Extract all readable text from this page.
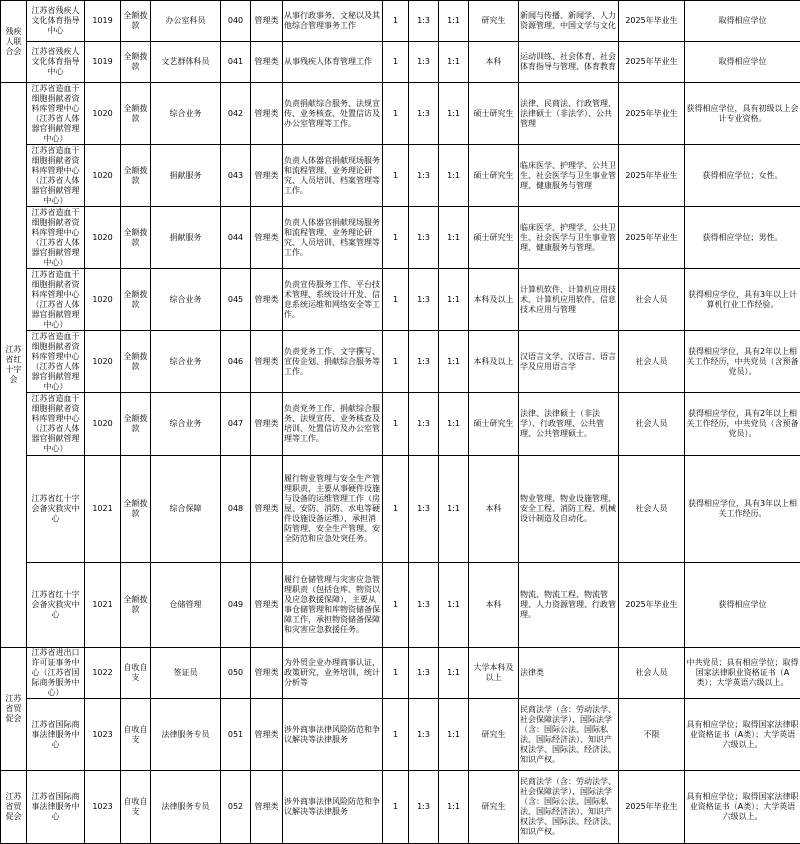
残疾人联合会	江苏省残疾人文化体育指导中心	1019	全额拨款	办公室科员	040	管理类	从事行政事务、文秘以及其他综合管理事务工作	1	1:3	1:1	研究生	新闻与传播、新闻学、人力资源管理、中国文学与文化	2025年毕业生	取得相应学位	
	江苏省残疾人文化体育指导中心	1019	全额拨款	文艺群体科员	041	管理类	从事残疾人体育管理工作	1	1:3	1:1	本科	运动训练、社会体育、社会体育指导与管理、体育教育	2025年毕业生	取得相应学位	
江苏省红十字会	江苏省造血干细胞捐献者资料库管理中心（江苏省人体器官捐献管理中心）	1020	全额拨款	综合业务	042	管理类	负责捐献综合服务、法规宣传、业务核查、处置信访及办公室管理等工作。	1	1:3	1:1	硕士研究生	法律、民商法、行政管理、法律硕士（非法学）、公共管理	2025年毕业生	获得相应学位，具有初级以上会计专业资格。	
	江苏省造血干细胞捐献者资料库管理中心（江苏省人体器官捐献管理中心）	1020	全额拨款	捐献服务	043	管理类	负责人体器官捐献现场服务和流程管理、业务理论研究、人员培训、档案管理等工作。	1	1:3	1:1	硕士研究生	临床医学、护理学、公共卫生、社会医学与卫生事业管理、健康服务与管理	2025年毕业生	获得相应学位；女性。	
	江苏省造血干细胞捐献者资料库管理中心（江苏省人体器官捐献管理中心）	1020	全额拨款	捐献服务	044	管理类	负责人体器官捐献现场服务和流程管理、业务理论研究、人员培训、档案管理等工作。	1	1:3	1:1	硕士研究生	临床医学、护理学、公共卫生、社会医学与卫生事业管理、健康服务与管理。	2025年毕业生	获得相应学位；男性。	
	江苏省造血干细胞捐献者资料库管理中心（江苏省人体器官捐献管理中心）	1020	全额拨款	综合业务	045	管理类	负责宣传服务工作、平台技术管理、系统设计开发、信息系统运维和网络安全等工作。	1	1:3	1:1	本科及以上	计算机软件、计算机应用技术、计算机应用软件、信息技术应用与管理	社会人员	获得相应学位，具有3年以上计算机行业工作经验。	
	江苏省造血干细胞捐献者资料库管理中心（江苏省人体器官捐献管理中心）	1020	全额拨款	综合业务	046	管理类	负责党务工作、文字撰写、宣传企划、捐献综合服务等工作。	1	1:3	1:1	本科及以上	汉语言文学、汉语言、语言学及应用语言学	社会人员	获得相应学位，具有2年以上相关工作经历，中共党员（含预备党员）。	
	江苏省造血干细胞捐献者资料库管理中心（江苏省人体器官捐献管理中心）	1020	全额拨款	综合业务	047	管理类	负责党务工作、捐献综合服务、法规宣传、业务核查及培训、处置信访及办公室管理等工作。	1	1:3	1:1	硕士研究生	法律、法律硕士（非法学）、行政管理、公共管理、公共管理硕士。	社会人员	获得相应学位，具有2年以上相关工作经历，中共党员（含预备党员）。	
	江苏省红十字会备灾救灾中心	1021	全额拨款	综合保障	048	管理类	履行物业管理与安全生产管理职责，主要从事硬件设施与设备的运维管理工作（房屋、安防、消防、水电等硬件设施设备运维），承担消防管理、安全生产管理、安全防范和应急处突任务。	1	1:3	1:1	本科	物业管理、物业设施管理、安全工程、消防工程、机械设计制造及自动化。	社会人员	获得相应学位，具有3年以上相关工作经历。	
	江苏省红十字会备灾救灾中心	1021	全额拨款	仓储管理	049	管理类	履行仓储管理与灾害应急管理职责（包括仓库、物资以及应急救援保障），主要从事仓储管理和库物资储备保障工作，承担物资储备保障和灾害应急救援任务。	1	1:3	1:1	本科	物流、物流工程、物流管理、人力资源管理、行政管理。	2025年毕业生	获得相应学位	
江苏省贸促会	江苏省进出口许可证事务中心（江苏省国际商务服务中心）	1022	自收自支	签证员	050	管理类	为外贸企业办理商事认证，政策研究，业务培训，统计分析等	1	1:3	1:1	大学本科及以上	法律类	社会人员	中共党员；具有相应学位；取得国家法律职业资格证书（A类）；大学英语六级以上。	
	江苏省国际商事法律服务中心	1023	自收自支	法律服务专员	051	管理类	涉外商事法律风险防范和争议解决等法律服务	1	1:3	1:1	研究生	民商法学（含：劳动法学、社会保障法学）、国际法学（含：国际公法、国际私法、国际经济法）、知识产权法学、国际法、经济法、知识产权。	不限	具有相应学位；取得国家法律职业资格证书（A类）；大学英语六级以上。	
江苏省贸促会	江苏省国际商事法律服务中心	1023	自收自支	法律服务专员	052	管理类	涉外商事法律风险防范和争议解决等法律服务	1	1:3	1:1	研究生	民商法学（含：劳动法学、社会保障法学）、国际法学（含：国际公法、国际私法、国际经济法）、知识产权法学、国际法、经济法、知识产权。	2025年毕业生	具有相应学位；取得国家法律职业资格证书（A类）；大学英语六级以上。	
